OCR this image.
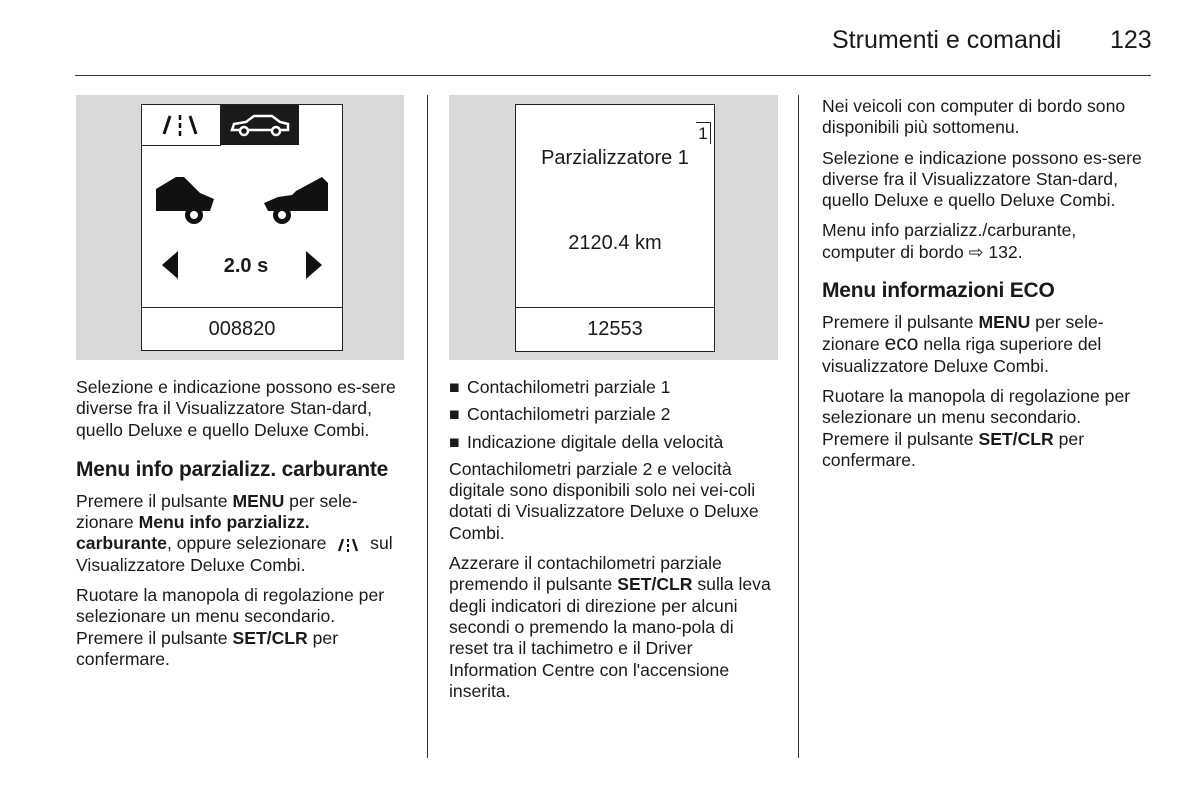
Strumenti e comandi 123
2.0 s
008820
1
Parzializzatore 1
2120.4 km
12553

Selezione e indicazione possono es-sere diverse fra il Visualizzatore Stan-dard, quello Deluxe e quello Deluxe Combi.

Menu info parzializz. carburante

Premere il pulsante MENU per sele-zionare Menu info parzializz. carburante, oppure selezionare  sul Visualizzatore Deluxe Combi.

Ruotare la manopola di regolazione per selezionare un menu secondario. Premere il pulsante SET/CLR per confermare.

■ Contachilometri parziale 1
■ Contachilometri parziale 2
■ Indicazione digitale della velocità

Contachilometri parziale 2 e velocità digitale sono disponibili solo nei vei-coli dotati di Visualizzatore Deluxe o Deluxe Combi.

Azzerare il contachilometri parziale premendo il pulsante SET/CLR sulla leva degli indicatori di direzione per alcuni secondi o premendo la mano-pola di reset tra il tachimetro e il Driver Information Centre con l'accensione inserita.

Nei veicoli con computer di bordo sono disponibili più sottomenu.

Selezione e indicazione possono es-sere diverse fra il Visualizzatore Stan-dard, quello Deluxe e quello Deluxe Combi.

Menu info parzializz./carburante, computer di bordo ⇨ 132.

Menu informazioni ECO

Premere il pulsante MENU per sele-zionare eco nella riga superiore del visualizzatore Deluxe Combi.

Ruotare la manopola di regolazione per selezionare un menu secondario. Premere il pulsante SET/CLR per confermare.
